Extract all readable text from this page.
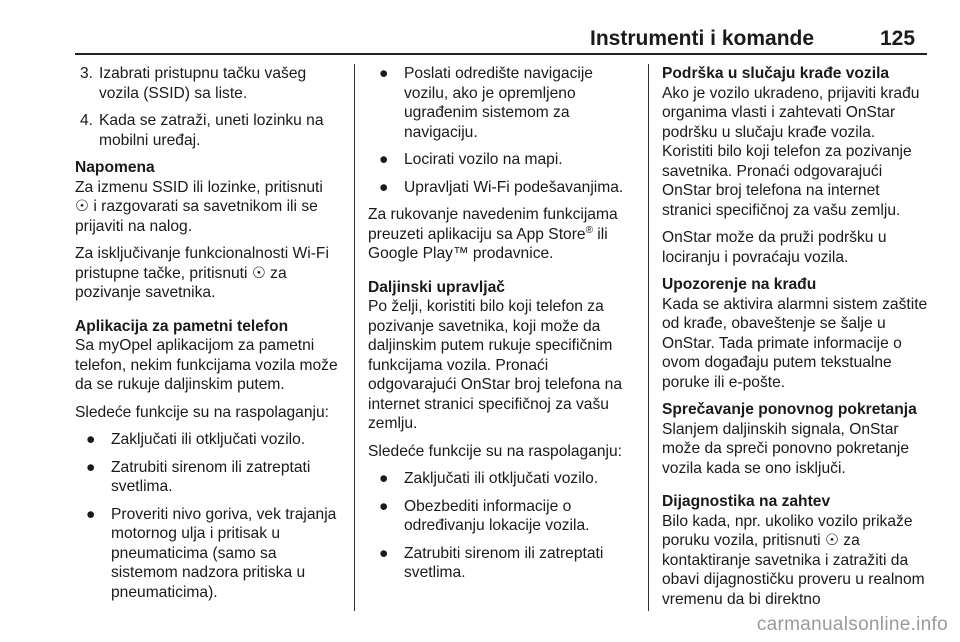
Instrumenti i komande	125
3. Izabrati pristupnu tačku vašeg vozila (SSID) sa liste.
4. Kada se zatraži, uneti lozinku na mobilni uređaj.

Napomena

Za izmenu SSID ili lozinke, pritisnuti ☉ i razgovarati sa savetnikom ili se prijaviti na nalog.

Za isključivanje funkcionalnosti Wi-Fi pristupne tačke, pritisnuti ☉ za pozivanje savetnika.

Aplikacija za pametni telefon

Sa myOpel aplikacijom za pametni telefon, nekim funkcijama vozila može da se rukuje daljinskim putem.

Sledeće funkcije su na raspolaganju:

● Zaključati ili otključati vozilo.
● Zatrubiti sirenom ili zatreptati svetlima.
● Proveriti nivo goriva, vek trajanja motornog ulja i pritisak u pneumaticima (samo sa sistemom nadzora pritiska u pneumaticima).
● Poslati odredište navigacije vozilu, ako je opremljeno ugrađenim sistemom za navigaciju.
● Locirati vozilo na mapi.
● Upravljati Wi-Fi podešavanjima.

Za rukovanje navedenim funkcijama preuzeti aplikaciju sa App Store® ili Google Play™ prodavnice.

Daljinski upravljač

Po želji, koristiti bilo koji telefon za pozivanje savetnika, koji može da daljinskim putem rukuje specifičnim funkcijama vozila. Pronaći odgovarajući OnStar broj telefona na internet stranici specifičnoj za vašu zemlju.

Sledeće funkcije su na raspolaganju:

● Zaključati ili otključati vozilo.
● Obezbediti informacije o određivanju lokacije vozila.
● Zatrubiti sirenom ili zatreptati svetlima.

Podrška u slučaju krađe vozila

Ako je vozilo ukradeno, prijaviti krađu organima vlasti i zahtevati OnStar podršku u slučaju krađe vozila. Koristiti bilo koji telefon za pozivanje savetnika. Pronaći odgovarajući OnStar broj telefona na internet stranici specifičnoj za vašu zemlju.

OnStar može da pruži podršku u lociranju i povraćaju vozila.

Upozorenje na krađu

Kada se aktivira alarmni sistem zaštite od krađe, obaveštenje se šalje u OnStar. Tada primate informacije o ovom događaju putem tekstualne poruke ili e-pošte.

Sprečavanje ponovnog pokretanja

Slanjem daljinskih signala, OnStar može da spreči ponovno pokretanje vozila kada se ono isključi.

Dijagnostika na zahtev

Bilo kada, npr. ukoliko vozilo prikaže poruku vozila, pritisnuti ☉ za kontaktiranje savetnika i zatražiti da obavi dijagnostičku proveru u realnom vremenu da bi direktno

carmanualsonline.info
